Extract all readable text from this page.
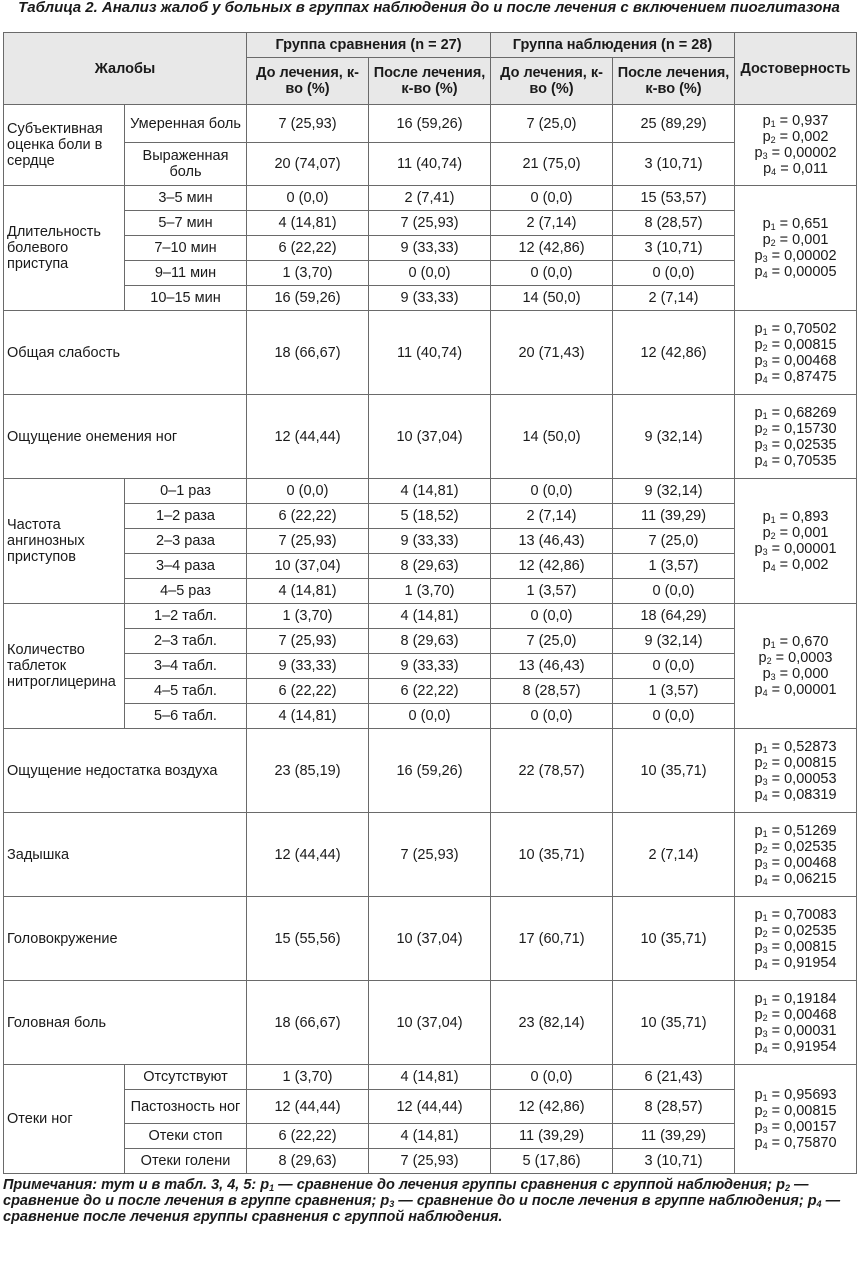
Таблица 2. Анализ жалоб у больных в группах наблюдения до и после лечения с включением пиоглитазона
Жалобы		Группа сравнения (n = 27)		Группа наблюдения (n = 28)		Достоверность
		До лечения, к-во (%)	После лечения, к-во (%)	До лечения, к-во (%)	После лечения, к-во (%)	
Субъективная оценка боли в сердце	Умеренная боль	7 (25,93)	16 (59,26)	7 (25,0)	25 (89,29)	$p_1 = 0,937$
$p_2 = 0,002$
$p_3 = 0,00002$
$p_4 = 0,011$

	Выраженная боль	20 (74,07)	11 (40,74)	21 (75,0)	3 (10,71)	
Длительность болевого приступа	3–5 мин	0 (0,0)	2 (7,41)	0 (0,0)	15 (53,57)	$p_1 = 0,651$
$p_2 = 0,001$
$p_3 = 0,00002$
$p_4 = 0,00005$

	5–7 мин	4 (14,81)	7 (25,93)	2 (7,14)	8 (28,57)	
	7–10 мин	6 (22,22)	9 (33,33)	12 (42,86)	3 (10,71)	
	9–11 мин	1 (3,70)	0 (0,0)	0 (0,0)	0 (0,0)	
	10–15 мин	16 (59,26)	9 (33,33)	14 (50,0)	2 (7,14)	
Общая слабость		18 (66,67)	11 (40,74)	20 (71,43)	12 (42,86)	$p_1 = 0,70502$
$p_2 = 0,00815$
$p_3 = 0,00468$
$p_4 = 0,87475$

Ощущение онемения ног		12 (44,44)	10 (37,04)	14 (50,0)	9 (32,14)	$p_1 = 0,68269$
$p_2 = 0,15730$
$p_3 = 0,02535$
$p_4 = 0,70535$

Частота ангинозных приступов	0–1 раз	0 (0,0)	4 (14,81)	0 (0,0)	9 (32,14)	$p_1 = 0,893$
$p_2 = 0,001$
$p_3 = 0,00001$
$p_4 = 0,002$

	1–2 раза	6 (22,22)	5 (18,52)	2 (7,14)	11 (39,29)	
	2–3 раза	7 (25,93)	9 (33,33)	13 (46,43)	7 (25,0)	
	3–4 раза	10 (37,04)	8 (29,63)	12 (42,86)	1 (3,57)	
	4–5 раз	4 (14,81)	1 (3,70)	1 (3,57)	0 (0,0)	
Количество таблеток нитроглицерина	1–2 табл.	1 (3,70)	4 (14,81)	0 (0,0)	18 (64,29)	$p_1 = 0,670$
$p_2 = 0,0003$
$p_3 = 0,000$
$p_4 = 0,00001$

	2–3 табл.	7 (25,93)	8 (29,63)	7 (25,0)	9 (32,14)	
	3–4 табл.	9 (33,33)	9 (33,33)	13 (46,43)	0 (0,0)	
	4–5 табл.	6 (22,22)	6 (22,22)	8 (28,57)	1 (3,57)	
	5–6 табл.	4 (14,81)	0 (0,0)	0 (0,0)	0 (0,0)	
Ощущение недостатка воздуха		23 (85,19)	16 (59,26)	22 (78,57)	10 (35,71)	$p_1 = 0,52873$
$p_2 = 0,00815$
$p_3 = 0,00053$
$p_4 = 0,08319$

Задышка		12 (44,44)	7 (25,93)	10 (35,71)	2 (7,14)	$p_1 = 0,51269$
$p_2 = 0,02535$
$p_3 = 0,00468$
$p_4 = 0,06215$

Головокружение		15 (55,56)	10 (37,04)	17 (60,71)	10 (35,71)	$p_1 = 0,70083$
$p_2 = 0,02535$
$p_3 = 0,00815$
$p_4 = 0,91954$

Головная боль		18 (66,67)	10 (37,04)	23 (82,14)	10 (35,71)	$p_1 = 0,19184$
$p_2 = 0,00468$
$p_3 = 0,00031$
$p_4 = 0,91954$

Отеки ног	Отсутствуют	1 (3,70)	4 (14,81)	0 (0,0)	6 (21,43)	$p_1 = 0,95693$
$p_2 = 0,00815$
$p_3 = 0,00157$
$p_4 = 0,75870$

	Пастозность ног	12 (44,44)	12 (44,44)	12 (42,86)	8 (28,57)	
	Отеки стоп	6 (22,22)	4 (14,81)	11 (39,29)	11 (39,29)	
	Отеки голени	8 (29,63)	7 (25,93)	5 (17,86)	3 (10,71)	
Примечания: тут и в табл. 3, 4, 5: $p_1$ — сравнение до лечения группы сравнения с группой наблюдения; $p_2$ — сравнение до и после лечения в группе сравнения; $p_3$ — сравнение до и после лечения в группе наблюдения; $p_4$ — сравнение после лечения группы сравнения с группой наблюдения.
